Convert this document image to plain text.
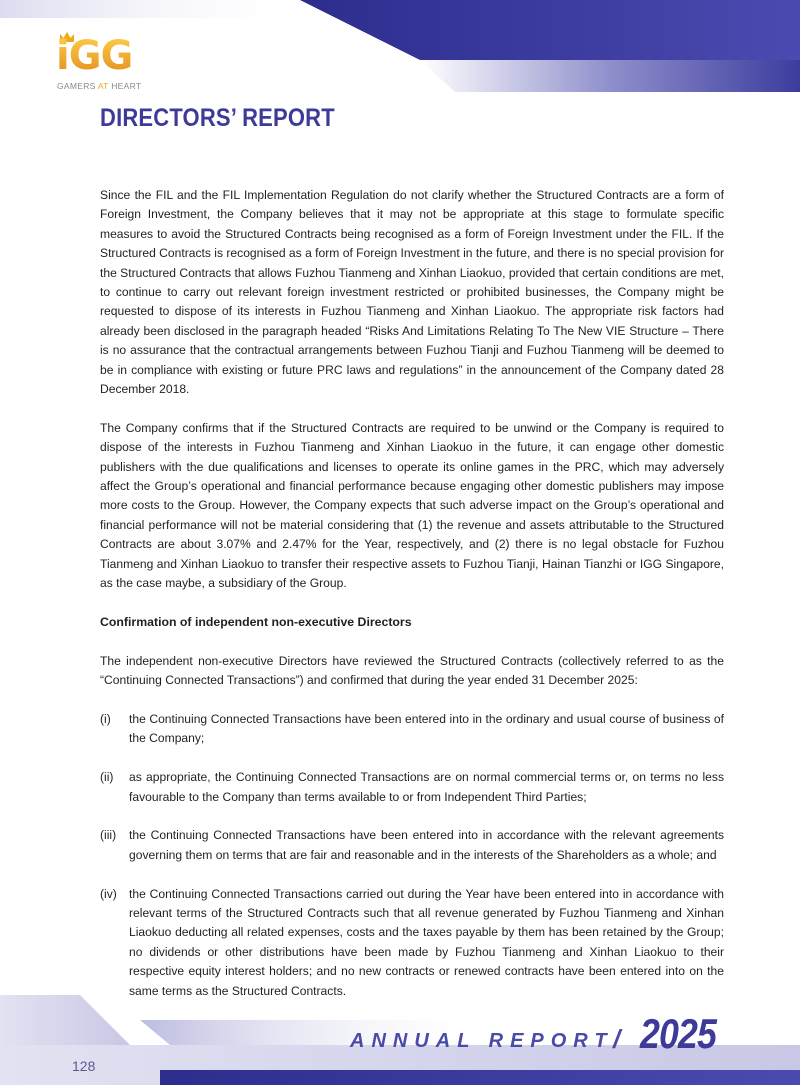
iGG
GAMERS AT HEART
DIRECTORS’ REPORT

Since the FIL and the FIL Implementation Regulation do not clarify whether the Structured Contracts are a form of Foreign Investment, the Company believes that it may not be appropriate at this stage to formulate specific measures to avoid the Structured Contracts being recognised as a form of Foreign Investment under the FIL. If the Structured Contracts is recognised as a form of Foreign Investment in the future, and there is no special provision for the Structured Contracts that allows Fuzhou Tianmeng and Xinhan Liaokuo, provided that certain conditions are met, to continue to carry out relevant foreign investment restricted or prohibited businesses, the Company might be requested to dispose of its interests in Fuzhou Tianmeng and Xinhan Liaokuo. The appropriate risk factors had already been disclosed in the paragraph headed “Risks And Limitations Relating To The New VIE Structure – There is no assurance that the contractual arrangements between Fuzhou Tianji and Fuzhou Tianmeng will be deemed to be in compliance with existing or future PRC laws and regulations” in the announcement of the Company dated 28 December 2018.

The Company confirms that if the Structured Contracts are required to be unwind or the Company is required to dispose of the interests in Fuzhou Tianmeng and Xinhan Liaokuo in the future, it can engage other domestic publishers with the due qualifications and licenses to operate its online games in the PRC, which may adversely affect the Group’s operational and financial performance because engaging other domestic publishers may impose more costs to the Group. However, the Company expects that such adverse impact on the Group’s operational and financial performance will not be material considering that (1) the revenue and assets attributable to the Structured Contracts are about 3.07% and 2.47% for the Year, respectively, and (2) there is no legal obstacle for Fuzhou Tianmeng and Xinhan Liaokuo to transfer their respective assets to Fuzhou Tianji, Hainan Tianzhi or IGG Singapore, as the case maybe, a subsidiary of the Group.

Confirmation of independent non-executive Directors

The independent non-executive Directors have reviewed the Structured Contracts (collectively referred to as the “Continuing Connected Transactions”) and confirmed that during the year ended 31 December 2025:

(i) the Continuing Connected Transactions have been entered into in the ordinary and usual course of business of the Company;

(ii) as appropriate, the Continuing Connected Transactions are on normal commercial terms or, on terms no less favourable to the Company than terms available to or from Independent Third Parties;

(iii) the Continuing Connected Transactions have been entered into in accordance with the relevant agreements governing them on terms that are fair and reasonable and in the interests of the Shareholders as a whole; and

(iv) the Continuing Connected Transactions carried out during the Year have been entered into in accordance with relevant terms of the Structured Contracts such that all revenue generated by Fuzhou Tianmeng and Xinhan Liaokuo deducting all related expenses, costs and the taxes payable by them has been retained by the Group; no dividends or other distributions have been made by Fuzhou Tianmeng and Xinhan Liaokuo to their respective equity interest holders; and no new contracts or renewed contracts have been entered into on the same terms as the Structured Contracts.

ANNUAL REPORT / 2025
128
